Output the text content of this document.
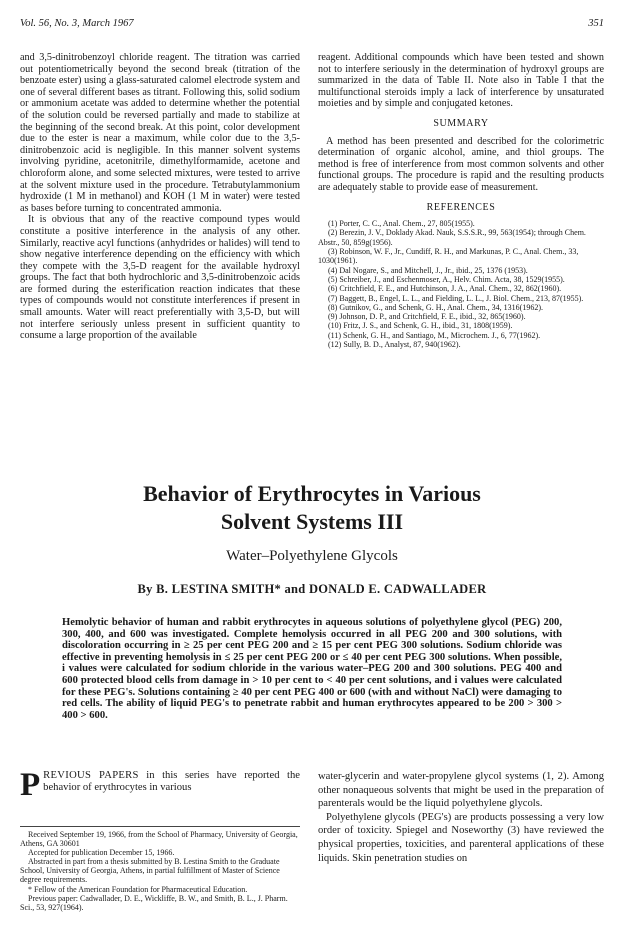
Vol. 56, No. 3, March 1967	351

and 3,5-dinitrobenzoyl chloride reagent. The titration was carried out potentiometrically beyond the second break (titration of the benzoate ester) using a glass-saturated calomel electrode system and one of several different bases as titrant. Following this, solid sodium or ammonium acetate was added to determine whether the potential of the solution could be reversed partially and made to stabilize at the beginning of the second break. At this point, color development due to the ester is near a maximum, while color due to the 3,5-dinitrobenzoic acid is negligible. In this manner solvent systems involving pyridine, acetonitrile, dimethylformamide, acetone and chloroform alone, and some selected mixtures, were tested to arrive at the solvent mixture used in the procedure. Tetrabutylammonium hydroxide (1 M in methanol) and KOH (1 M in water) were tested as bases before turning to concentrated ammonia.

It is obvious that any of the reactive compound types would constitute a positive interference in the analysis of any other. Similarly, reactive acyl functions (anhydrides or halides) will tend to show negative interference depending on the efficiency with which they compete with the 3,5-D reagent for the available hydroxyl groups. The fact that both hydrochloric and 3,5-dinitrobenzoic acids are formed during the esterification reaction indicates that these types of compounds would not constitute interferences if present in small amounts. Water will react preferentially with 3,5-D, but will not interfere seriously unless present in sufficient quantity to consume a large proportion of the available

reagent. Additional compounds which have been tested and shown not to interfere seriously in the determination of hydroxyl groups are summarized in the data of Table II. Note also in Table I that the multifunctional steroids imply a lack of interference by unsaturated moieties and by simple and conjugated ketones.

SUMMARY

A method has been presented and described for the colorimetric determination of organic alcohol, amine, and thiol groups. The method is free of interference from most common solvents and other functional groups. The procedure is rapid and the resulting products are adequately stable to provide ease of measurement.

REFERENCES
(1) Porter, C. C., Anal. Chem., 27, 805(1955).
(2) Berezin, J. V., Doklady Akad. Nauk, S.S.S.R., 99, 563(1954); through Chem. Abstr., 50, 859g(1956).
(3) Robinson, W. F., Jr., Cundiff, R. H., and Markunas, P. C., Anal. Chem., 33, 1030(1961).
(4) Dal Nogare, S., and Mitchell, J., Jr., ibid., 25, 1376 (1953).
(5) Schreiber, J., and Eschenmoser, A., Helv. Chim. Acta, 38, 1529(1955).
(6) Critchfield, F. E., and Hutchinson, J. A., Anal. Chem., 32, 862(1960).
(7) Baggett, B., Engel, L. L., and Fielding, L. L., J. Biol. Chem., 213, 87(1955).
(8) Gutnikov, G., and Schenk, G. H., Anal. Chem., 34, 1316(1962).
(9) Johnson, D. P., and Critchfield, F. E., ibid., 32, 865(1960).
(10) Fritz, J. S., and Schenk, G. H., ibid., 31, 1808(1959).
(11) Schenk, G. H., and Santiago, M., Microchem. J., 6, 77(1962).
(12) Sully, B. D., Analyst, 87, 940(1962).
Behavior of Erythrocytes in Various
Solvent Systems III
Water–Polyethylene Glycols
By B. LESTINA SMITH* and DONALD E. CADWALLADER
Hemolytic behavior of human and rabbit erythrocytes in aqueous solutions of polyethylene glycol (PEG) 200, 300, 400, and 600 was investigated. Complete hemolysis occurred in all PEG 200 and 300 solutions, with discoloration occurring in ≥ 25 per cent PEG 200 and ≥ 15 per cent PEG 300 solutions. Sodium chloride was effective in preventing hemolysis in ≤ 25 per cent PEG 200 or ≤ 40 per cent PEG 300 solutions. When possible, i values were calculated for sodium chloride in the various water–PEG 200 and 300 solutions. PEG 400 and 600 protected blood cells from damage in > 10 per cent to < 40 per cent solutions, and i values were calculated for these PEG's. Solutions containing ≥ 40 per cent PEG 400 or 600 (with and without NaCl) were damaging to red cells. The ability of liquid PEG's to penetrate rabbit and human erythrocytes appeared to be 200 > 300 > 400 > 600.
PREVIOUS PAPERS in this series have reported the behavior of erythrocytes in various
Received September 19, 1966, from the School of Pharmacy, University of Georgia, Athens, GA 30601
Accepted for publication December 15, 1966.
Abstracted in part from a thesis submitted by B. Lestina Smith to the Graduate School, University of Georgia, Athens, in partial fulfillment of Master of Science degree requirements.
* Fellow of the American Foundation for Pharmaceutical Education.
Previous paper: Cadwallader, D. E., Wickliffe, B. W., and Smith, B. L., J. Pharm. Sci., 53, 927(1964).

water-glycerin and water-propylene glycol systems (1, 2). Among other nonaqueous solvents that might be used in the preparation of parenterals would be the liquid polyethylene glycols.

Polyethylene glycols (PEG's) are products possessing a very low order of toxicity. Spiegel and Noseworthy (3) have reviewed the physical properties, toxicities, and parenteral applications of these liquids. Skin penetration studies on
